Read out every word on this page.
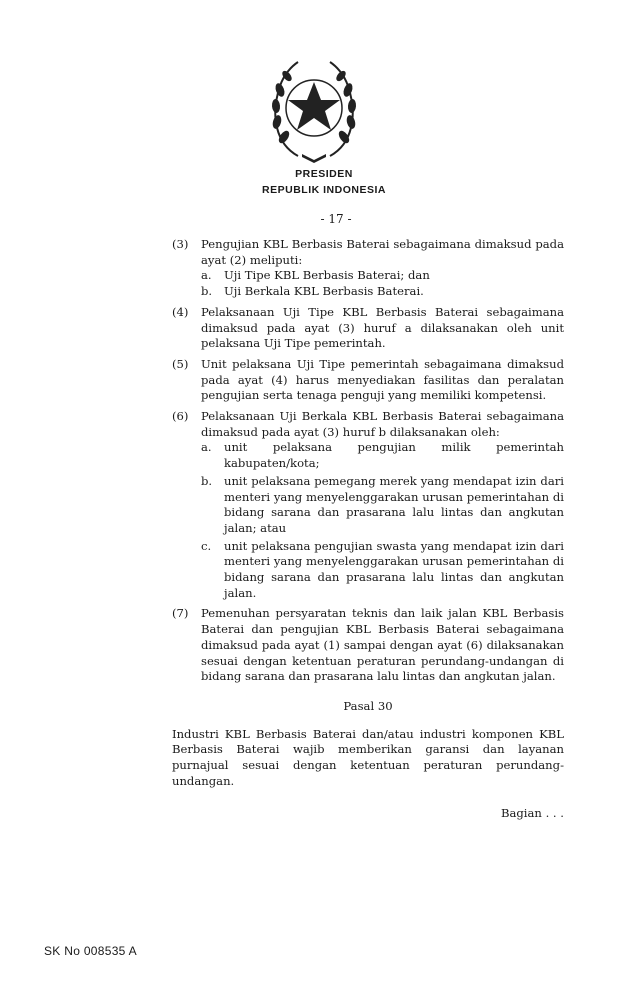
PRESIDEN
REPUBLIK INDONESIA
- 17 -
(3) Pengujian KBL Berbasis Baterai sebagaimana dimaksud pada ayat (2) meliputi:
a. Uji Tipe KBL Berbasis Baterai; dan
b. Uji Berkala KBL Berbasis Baterai.
(4) Pelaksanaan Uji Tipe KBL Berbasis Baterai sebagaimana dimaksud pada ayat (3) huruf a dilaksanakan oleh unit pelaksana Uji Tipe pemerintah.
(5) Unit pelaksana Uji Tipe pemerintah sebagaimana dimaksud pada ayat (4) harus menyediakan fasilitas dan peralatan pengujian serta tenaga penguji yang memiliki kompetensi.
(6) Pelaksanaan Uji Berkala KBL Berbasis Baterai sebagaimana dimaksud pada ayat (3) huruf b dilaksanakan oleh:
a. unit pelaksana pengujian milik pemerintah kabupaten/kota;
b. unit pelaksana pemegang merek yang mendapat izin dari menteri yang menyelenggarakan urusan pemerintahan di bidang sarana dan prasarana lalu lintas dan angkutan jalan; atau
c. unit pelaksana pengujian swasta yang mendapat izin dari menteri yang menyelenggarakan urusan pemerintahan di bidang sarana dan prasarana lalu lintas dan angkutan jalan.
(7) Pemenuhan persyaratan teknis dan laik jalan KBL Berbasis Baterai dan pengujian KBL Berbasis Baterai sebagaimana dimaksud pada ayat (1) sampai dengan ayat (6) dilaksanakan sesuai dengan ketentuan peraturan perundang-undangan di bidang sarana dan prasarana lalu lintas dan angkutan jalan.
Pasal 30
Industri KBL Berbasis Baterai dan/atau industri komponen KBL Berbasis Baterai wajib memberikan garansi dan layanan purnajual sesuai dengan ketentuan peraturan perundang-undangan.
Bagian . . .
SK No 008535 A
